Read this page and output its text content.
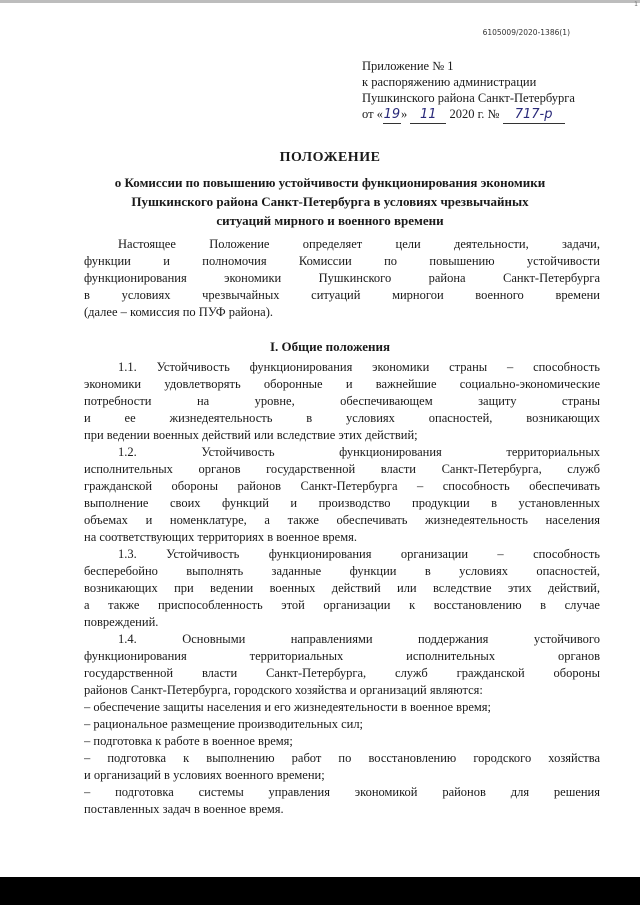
1
6105009/2020-1386(1)
Приложение № 1
к распоряжению администрации
Пушкинского района Санкт-Петербурга
от «19» 11 2020 г. № 717-р
ПОЛОЖЕНИЕ
о Комиссии по повышению устойчивости функционирования экономики
Пушкинского района Санкт-Петербурга в условиях чрезвычайных
ситуаций мирного и военного времени
Настоящее Положение определяет цели деятельности, задачи,
функции и полномочия Комиссии по повышению устойчивости
функционирования экономики Пушкинского района Санкт-Петербурга
в условиях чрезвычайных ситуаций мирногои военного времени
(далее – комиссия по ПУФ района).
I. Общие положения
1.1. Устойчивость функционирования экономики страны – способность
экономики удовлетворять оборонные и важнейшие социально-экономические
потребности на уровне, обеспечивающем защиту страны
и ее жизнедеятельность в условиях опасностей, возникающих
при ведении военных действий или вследствие этих действий;
1.2. Устойчивость функционирования территориальных
исполнительных органов государственной власти Санкт-Петербурга, служб
гражданской обороны районов Санкт-Петербурга – способность обеспечивать
выполнение своих функций и производство продукции в установленных
объемах и номенклатуре, а также обеспечивать жизнедеятельность населения
на соответствующих территориях в военное время.
1.3. Устойчивость функционирования организации – способность
бесперебойно выполнять заданные функции в условиях опасностей,
возникающих при ведении военных действий или вследствие этих действий,
а также приспособленность этой организации к восстановлению в случае
повреждений.
1.4. Основными направлениями поддержания устойчивого
функционирования территориальных исполнительных органов
государственной власти Санкт-Петербурга, служб гражданской обороны
районов Санкт-Петербурга, городского хозяйства и организаций являются:
– обеспечение защиты населения и его жизнедеятельности в военное время;
– рациональное размещение производительных сил;
– подготовка к работе в военное время;
– подготовка к выполнению работ по восстановлению городского хозяйства
и организаций в условиях военного времени;
– подготовка системы управления экономикой районов для решения
поставленных задач в военное время.
